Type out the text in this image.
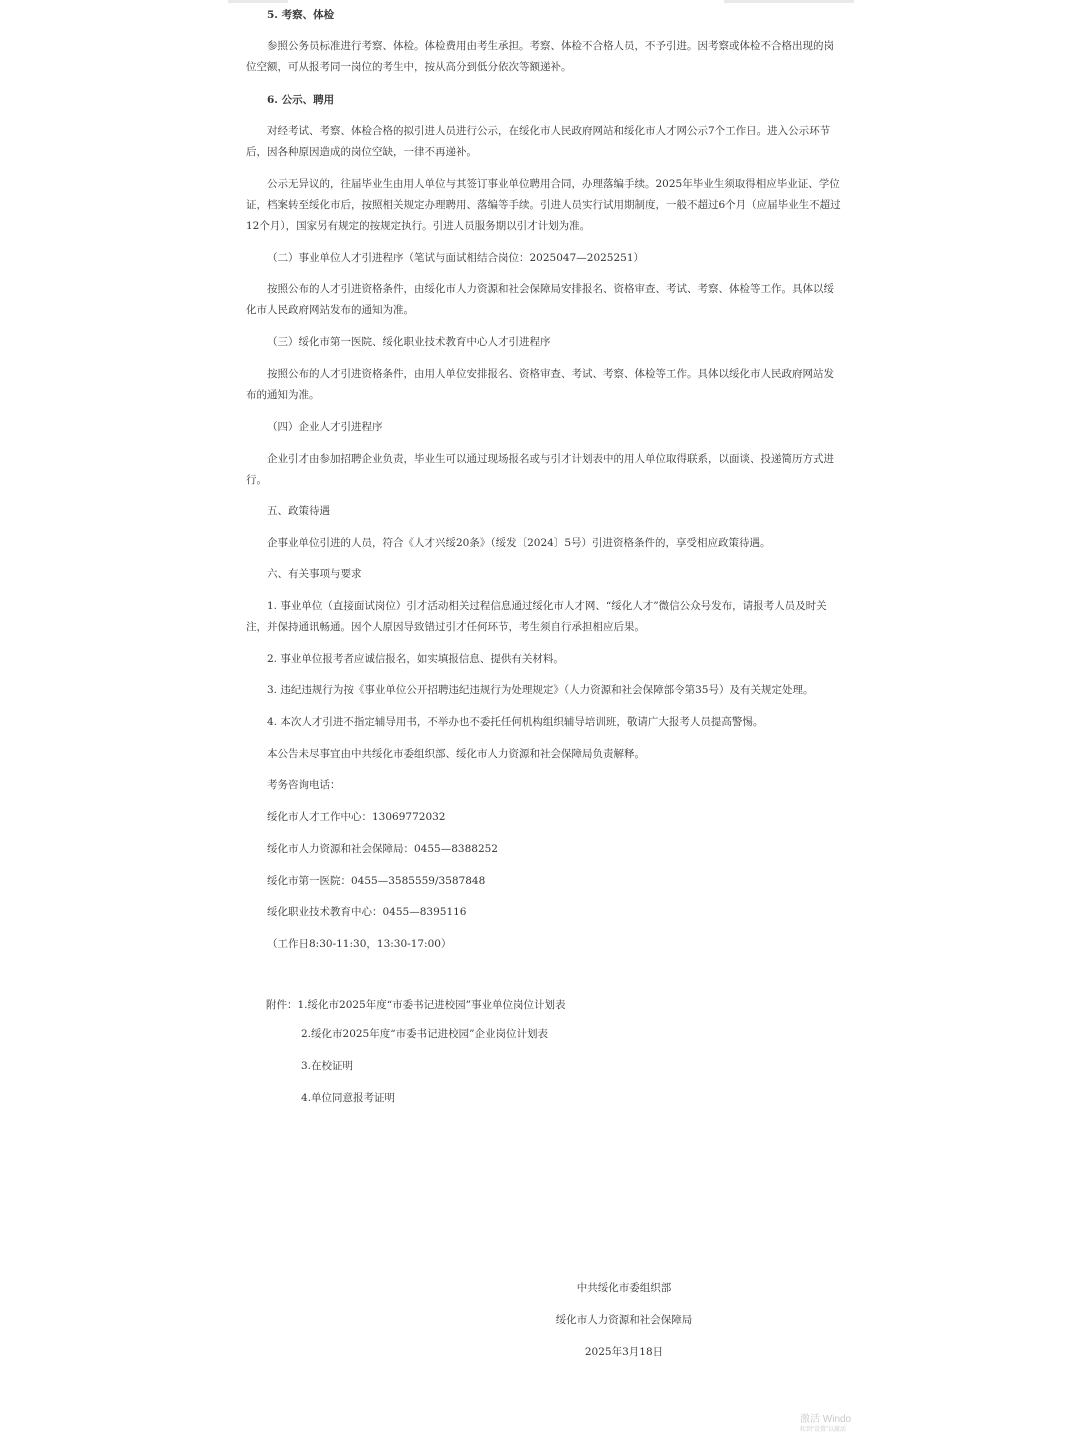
5. 考察、体检

参照公务员标准进行考察、体检。体检费用由考生承担。考察、体检不合格人员，不予引进。因考察或体检不合格出现的岗位空额，可从报考同一岗位的考生中，按从高分到低分依次等额递补。

6. 公示、聘用

对经考试、考察、体检合格的拟引进人员进行公示，在绥化市人民政府网站和绥化市人才网公示7个工作日。进入公示环节后，因各种原因造成的岗位空缺，一律不再递补。

公示无异议的，往届毕业生由用人单位与其签订事业单位聘用合同，办理落编手续。2025年毕业生须取得相应毕业证、学位证，档案转至绥化市后，按照相关规定办理聘用、落编等手续。引进人员实行试用期制度，一般不超过6个月（应届毕业生不超过12个月），国家另有规定的按规定执行。引进人员服务期以引才计划为准。

（二）事业单位人才引进程序（笔试与面试相结合岗位：2025047—2025251）

按照公布的人才引进资格条件，由绥化市人力资源和社会保障局安排报名、资格审查、考试、考察、体检等工作。具体以绥化市人民政府网站发布的通知为准。

（三）绥化市第一医院、绥化职业技术教育中心人才引进程序

按照公布的人才引进资格条件，由用人单位安排报名、资格审查、考试、考察、体检等工作。具体以绥化市人民政府网站发布的通知为准。

（四）企业人才引进程序

企业引才由参加招聘企业负责，毕业生可以通过现场报名或与引才计划表中的用人单位取得联系，以面谈、投递简历方式进行。

五、政策待遇

企事业单位引进的人员，符合《人才兴绥20条》（绥发〔2024〕5号）引进资格条件的，享受相应政策待遇。

六、有关事项与要求

1. 事业单位（直接面试岗位）引才活动相关过程信息通过绥化市人才网、“绥化人才”微信公众号发布，请报考人员及时关注，并保持通讯畅通。因个人原因导致错过引才任何环节，考生须自行承担相应后果。

2. 事业单位报考者应诚信报名，如实填报信息、提供有关材料。

3. 违纪违规行为按《事业单位公开招聘违纪违规行为处理规定》（人力资源和社会保障部令第35号）及有关规定处理。

4. 本次人才引进不指定辅导用书，不举办也不委托任何机构组织辅导培训班，敬请广大报考人员提高警惕。

本公告未尽事宜由中共绥化市委组织部、绥化市人力资源和社会保障局负责解释。

考务咨询电话：

绥化市人才工作中心：13069772032

绥化市人力资源和社会保障局：0455—8388252

绥化市第一医院：0455—3585559/3587848

绥化职业技术教育中心：0455—8395116

（工作日8:30-11:30，13:30-17:00）

附件：1.绥化市2025年度“市委书记进校园”事业单位岗位计划表

2.绥化市2025年度“市委书记进校园”企业岗位计划表

3.在校证明

4.单位同意报考证明

中共绥化市委组织部
绥化市人力资源和社会保障局
2025年3月18日
激活 Windo
转到“设置”以激活
